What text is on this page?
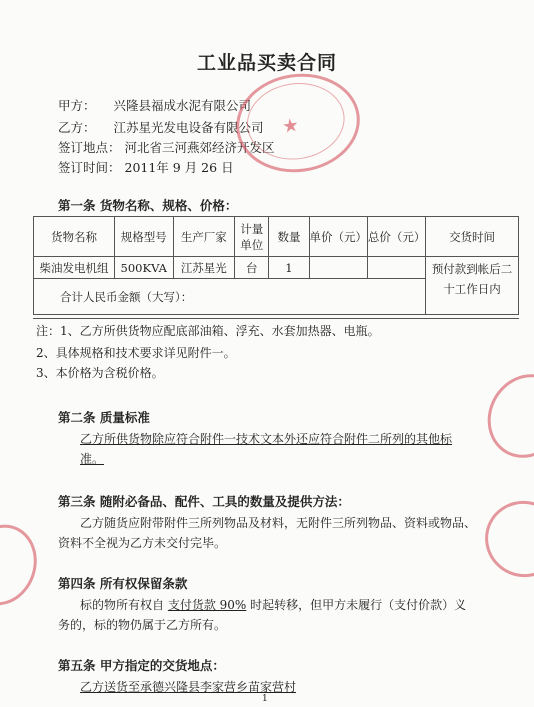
工业品买卖合同
甲方： 兴隆县福成水泥有限公司
乙方： 江苏星光发电设备有限公司
签订地点： 河北省三河燕郊经济开发区
签订时间： 2011年 9 月 26 日
★
第一条 货物名称、规格、价格：
货物名称	规格型号	生产厂家	计量单位	数量	单价（元）	总价（元）	交货时间
柴油发电机组	500KVA	江苏星光	台	1			预付款到帐后二十工作日内
合计人民币金额（大写）：							
注：1、乙方所供货物应配底部油箱、浮充、水套加热器、电瓶。
2、具体规格和技术要求详见附件一。
3、本价格为含税价格。
第二条 质量标准
乙方所供货物除应符合附件一技术文本外还应符合附件二所列的其他标
准。
第三条 随附必备品、配件、工具的数量及提供方法：
乙方随货应附带附件三所列物品及材料，无附件三所列物品、资料或物品、
资料不全视为乙方未交付完毕。
第四条 所有权保留条款
标的物所有权自 支付货款 90% 时起转移，但甲方未履行（支付价款）义
务的，标的物仍属于乙方所有。
第五条 甲方指定的交货地点：
乙方送货至承德兴隆县李家营乡苗家营村
1
